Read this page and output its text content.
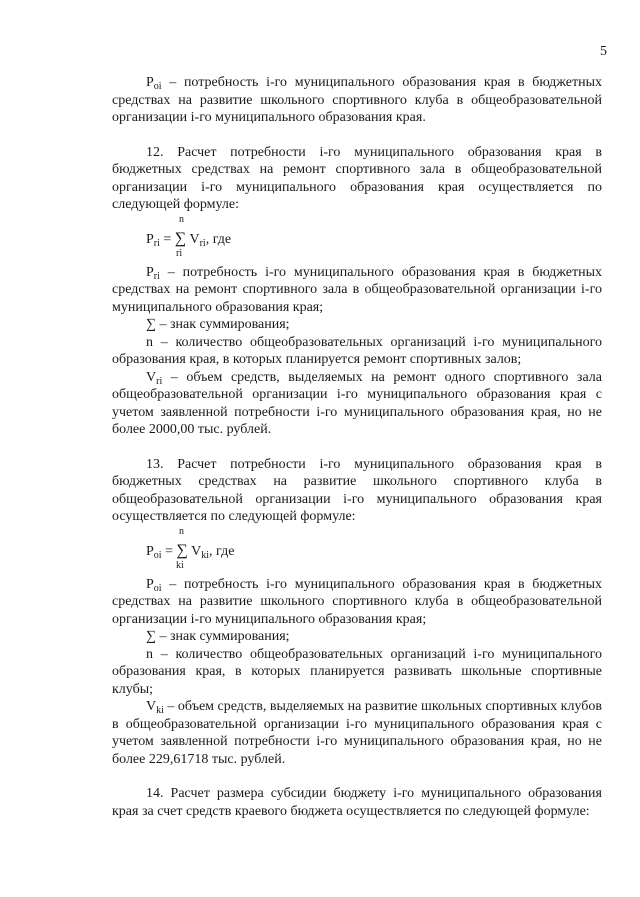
5

$P_{oi}$ – потребность i-го муниципального образования края в бюджетных средствах на развитие школьного спортивного клуба в общеобразовательной организации i-го муниципального образования края.

12. Расчет потребности i-го муниципального образования края в бюджетных средствах на ремонт спортивного зала в общеобразовательной организации i-го муниципального образования края осуществляется по следующей формуле:

n
$P_{ri}$ = ∑ $V_{ri}$, где
ri

$P_{ri}$ – потребность i-го муниципального образования края в бюджетных средствах на ремонт спортивного зала в общеобразовательной организации i-го муниципального образования края;

∑ – знак суммирования;

n – количество общеобразовательных организаций i-го муниципального образования края, в которых планируется ремонт спортивных залов;

$V_{ri}$ – объем средств, выделяемых на ремонт одного спортивного зала общеобразовательной организации i-го муниципального образования края с учетом заявленной потребности i-го муниципального образования края, но не более 2000,00 тыс. рублей.

13. Расчет потребности i-го муниципального образования края в бюджетных средствах на развитие школьного спортивного клуба в общеобразовательной организации i-го муниципального образования края осуществляется по следующей формуле:

n
$P_{oi}$ = ∑ $V_{ki}$, где
ki

$P_{oi}$ – потребность i-го муниципального образования края в бюджетных средствах на развитие школьного спортивного клуба в общеобразовательной организации i-го муниципального образования края;

∑ – знак суммирования;

n – количество общеобразовательных организаций i-го муниципального образования края, в которых планируется развивать школьные спортивные клубы;

$V_{ki}$ – объем средств, выделяемых на развитие школьных спортивных клубов в общеобразовательной организации i-го муниципального образования края с учетом заявленной потребности i-го муниципального образования края, но не более 229,61718 тыс. рублей.

14. Расчет размера субсидии бюджету i-го муниципального образования края за счет средств краевого бюджета осуществляется по следующей формуле:
